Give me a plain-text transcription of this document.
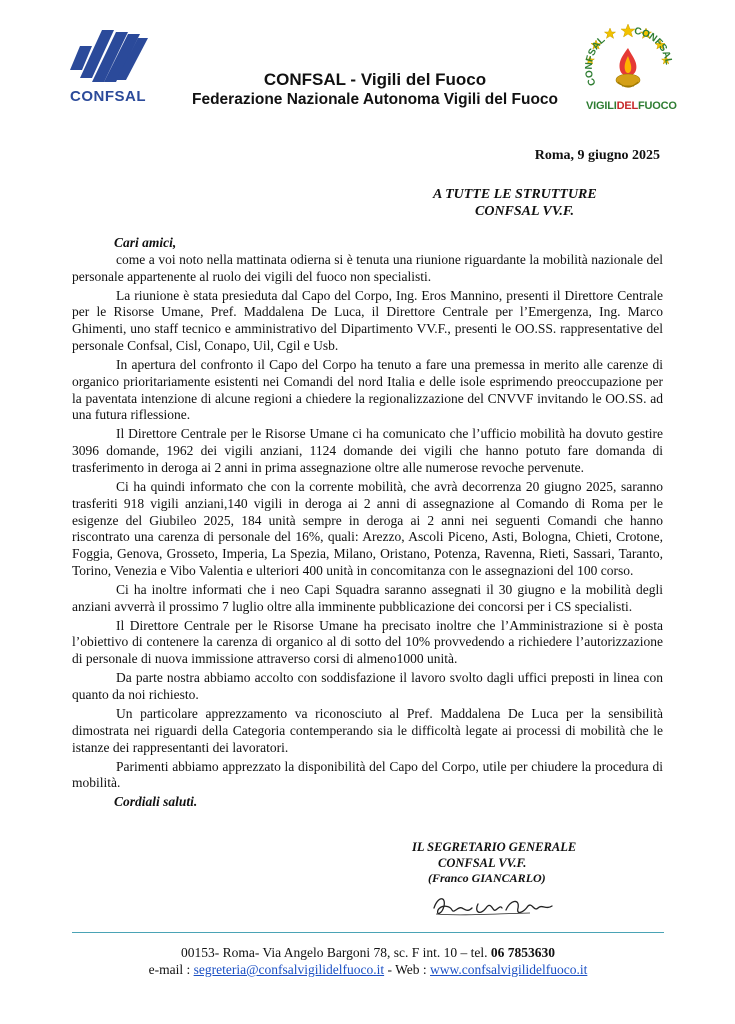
CONFSAL
CONFSAL - Vigili del Fuoco
Federazione Nazionale Autonoma Vigili del Fuoco
CONFSAL
CONFSAL
VIGILIDELFUOCO
Roma, 9 giugno 2025
A TUTTE LE STRUTTURE
CONFSAL VV.F.
Cari amici,

come a voi noto nella mattinata odierna si è tenuta una riunione riguardante la mobilità nazionale del personale appartenente al ruolo dei vigili del fuoco non specialisti.

La riunione è stata presieduta dal Capo del Corpo, Ing. Eros Mannino, presenti il Direttore Centrale per le Risorse Umane, Pref. Maddalena De Luca, il Direttore Centrale per l’Emergenza, Ing. Marco Ghimenti, uno staff tecnico e amministrativo del Dipartimento VV.F., presenti le OO.SS. rappresentative del personale Confsal, Cisl, Conapo, Uil, Cgil e Usb.

In apertura del confronto il Capo del Corpo ha tenuto a fare una premessa in merito alle carenze di organico prioritariamente esistenti nei Comandi del nord Italia e delle isole esprimendo preoccupazione per la paventata intenzione di alcune regioni a chiedere la regionalizzazione del CNVVF invitando le OO.SS. ad una futura riflessione.

Il Direttore Centrale per le Risorse Umane ci ha comunicato che l’ufficio mobilità ha dovuto gestire 3096 domande, 1962 dei vigili anziani, 1124 domande dei vigili che hanno potuto fare domanda di trasferimento in deroga ai 2 anni in prima assegnazione oltre alle numerose revoche pervenute.

Ci ha quindi informato che con la corrente mobilità, che avrà decorrenza 20 giugno 2025, saranno trasferiti 918 vigili anziani,140 vigili in deroga ai 2 anni di assegnazione al Comando di Roma per le esigenze del Giubileo 2025, 184 unità sempre in deroga ai 2 anni nei seguenti Comandi che hanno riscontrato una carenza di personale del 16%, quali: Arezzo, Ascoli Piceno, Asti, Bologna, Chieti, Crotone, Foggia, Genova, Grosseto, Imperia, La Spezia, Milano, Oristano, Potenza, Ravenna, Rieti, Sassari, Taranto, Torino, Venezia e Vibo Valentia e ulteriori 400 unità in concomitanza con le assegnazioni del 100 corso.

Ci ha inoltre informati che i neo Capi Squadra saranno assegnati il 30 giugno e la mobilità degli anziani avverrà il prossimo 7 luglio oltre alla imminente pubblicazione dei concorsi per i CS specialisti.

Il Direttore Centrale per le Risorse Umane ha precisato inoltre che l’Amministrazione si è posta l’obiettivo di contenere la carenza di organico al di sotto del 10% provvedendo a richiedere l’autorizzazione di personale di nuova immissione attraverso corsi di almeno1000 unità.

Da parte nostra abbiamo accolto con soddisfazione il lavoro svolto dagli uffici preposti in linea con quanto da noi richiesto.

Un particolare apprezzamento va riconosciuto al Pref. Maddalena De Luca per la sensibilità dimostrata nei riguardi della Categoria contemperando sia le difficoltà legate ai processi di mobilità che le istanze dei rappresentanti dei lavoratori.

Parimenti abbiamo apprezzato la disponibilità del Capo del Corpo, utile per chiudere la procedura di mobilità.

Cordiali saluti.
IL SEGRETARIO GENERALE
CONFSAL VV.F.
(Franco GIANCARLO)
00153- Roma- Via Angelo Bargoni 78, sc. F int. 10 – tel. 06 7853630
e-mail : segreteria@confsalvigilidelfuoco.it - Web : www.confsalvigilidelfuoco.it
